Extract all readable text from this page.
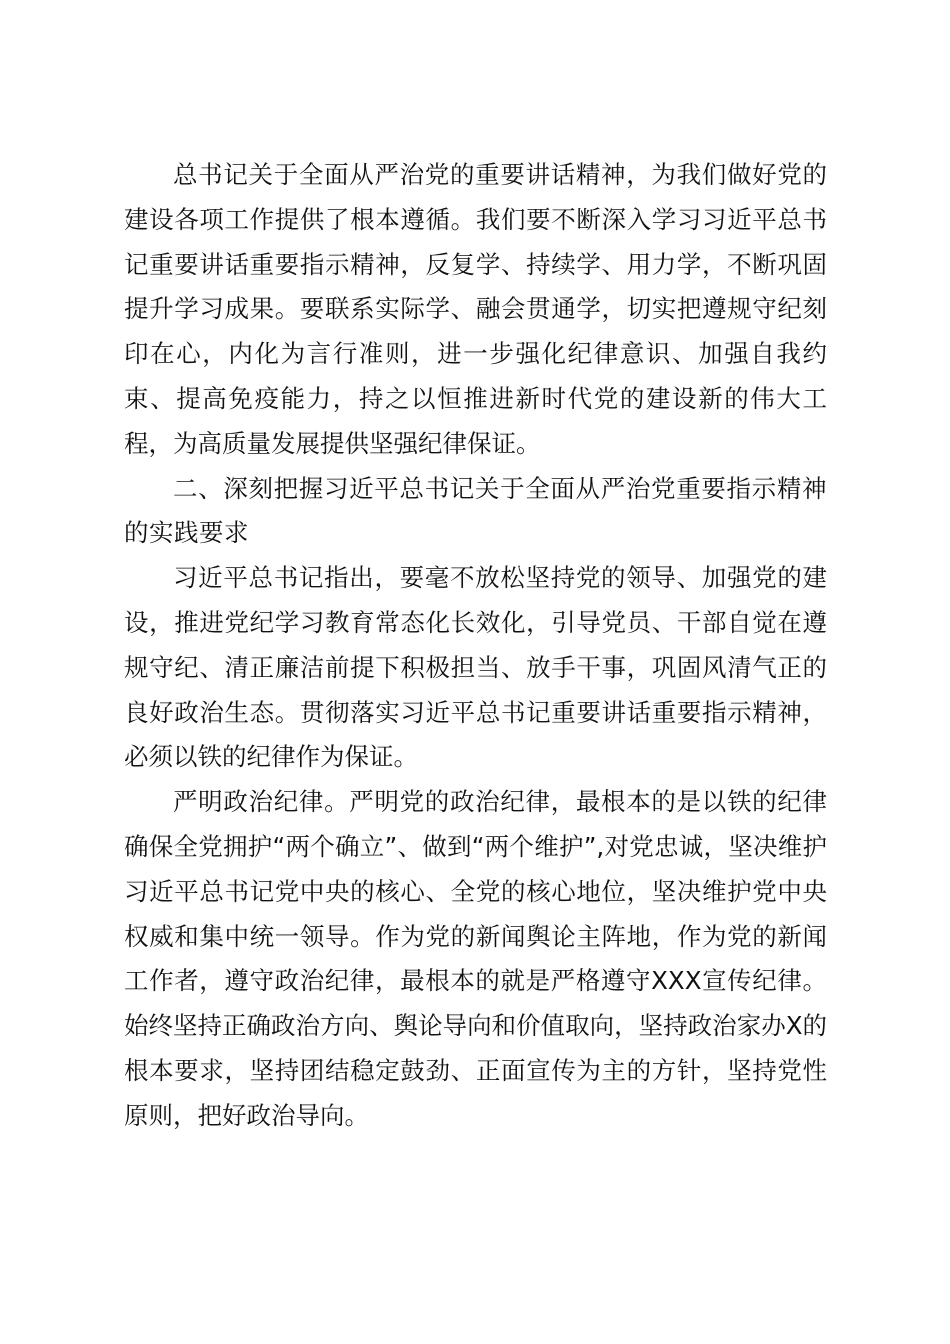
总书记关于全面从严治党的重要讲话精神，为我们做好党的建设各项工作提供了根本遵循。我们要不断深入学习习近平总书记重要讲话重要指示精神，反复学、持续学、用力学，不断巩固提升学习成果。要联系实际学、融会贯通学，切实把遵规守纪刻印在心，内化为言行准则，进一步强化纪律意识、加强自我约束、提高免疫能力，持之以恒推进新时代党的建设新的伟大工程，为高质量发展提供坚强纪律保证。

二、深刻把握习近平总书记关于全面从严治党重要指示精神的实践要求

习近平总书记指出，要毫不放松坚持党的领导、加强党的建设，推进党纪学习教育常态化长效化，引导党员、干部自觉在遵规守纪、清正廉洁前提下积极担当、放手干事，巩固风清气正的良好政治生态。贯彻落实习近平总书记重要讲话重要指示精神，必须以铁的纪律作为保证。

严明政治纪律。严明党的政治纪律，最根本的是以铁的纪律确保全党拥护“两个确立”、做到“两个维护”,对党忠诚，坚决维护习近平总书记党中央的核心、全党的核心地位，坚决维护党中央权威和集中统一领导。作为党的新闻舆论主阵地，作为党的新闻工作者，遵守政治纪律，最根本的就是严格遵守XXX宣传纪律。始终坚持正确政治方向、舆论导向和价值取向，坚持政治家办X的根本要求，坚持团结稳定鼓劲、正面宣传为主的方针，坚持党性原则，把好政治导向。
